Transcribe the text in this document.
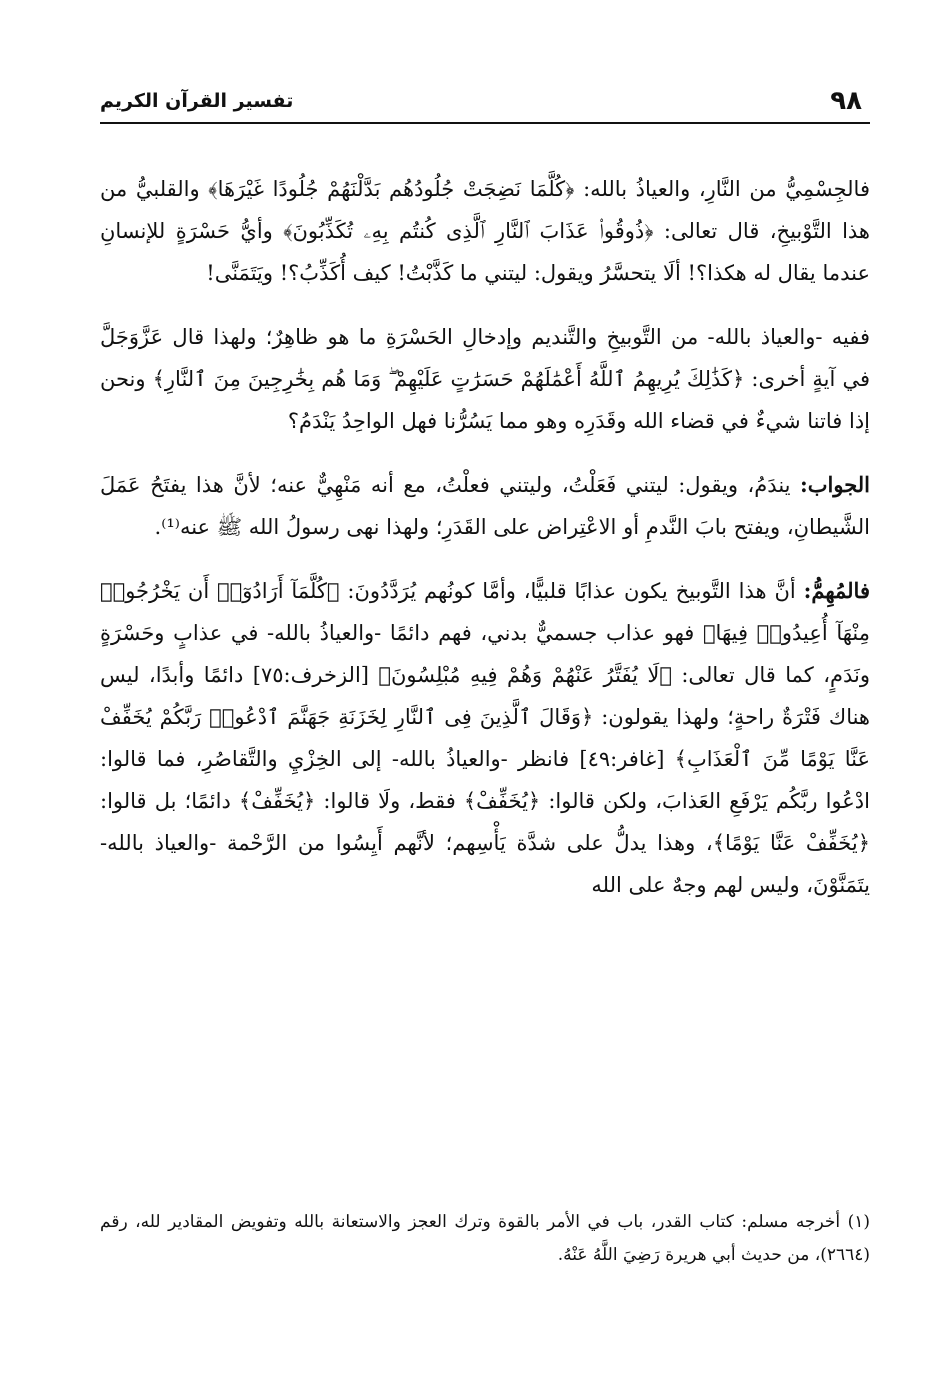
٩٨
تفسير القرآن الكريم

فالجِسْمِيُّ من النَّارِ، والعياذُ بالله: ﴿كُلَّمَا نَضِجَتْ جُلُودُهُم بَدَّلْنَهُمْ جُلُودًا غَيْرَهَا﴾ والقلبيُّ من هذا التَّوْبيخِ، قال تعالى: ﴿ذُوقُوا۟ عَذَابَ ٱلنَّارِ ٱلَّذِى كُنتُم بِهِۦ تُكَذِّبُونَ﴾ وأيُّ حَسْرَةٍ للإنسانِ عندما يقال له هكذا؟! ألَا يتحسَّرُ ويقول: ليتني ما كَذَّبْتُ! كيف أُكَذِّبُ؟! ويَتَمَنَّى!

ففيه -والعياذ بالله- من التَّوبيخِ والتَّنديم وإدخالِ الحَسْرَةِ ما هو ظاهِرٌ؛ ولهذا قال عَزَّوَجَلَّ في آيةٍ أخرى: ﴿كَذَٰلِكَ يُرِيهِمُ ٱللَّهُ أَعْمَٰلَهُمْ حَسَرَٰتٍ عَلَيْهِمْ ۖ وَمَا هُم بِخَٰرِجِينَ مِنَ ٱلنَّارِ﴾ ونحن إذا فاتنا شيءٌ في قضاء الله وقَدَرِه وهو مما يَسُرُّنا فهل الواحِدُ يَنْدَمُ؟

الجواب: يندَمُ، ويقول: ليتني فَعَلْتُ، وليتني فعلْتُ، مع أنه مَنْهِيٌّ عنه؛ لأنَّ هذا يفتَحُ عَمَلَ الشَّيطانِ، ويفتح بابَ النَّدمِ أو الاعْتِراض على القَدَرِ؛ ولهذا نهى رسولُ الله ﷺ عنه⁽¹⁾.

فالمُهِمُّ: أنَّ هذا التَّوبيخ يكون عذابًا قلبيًّا، وأمَّا كونُهم يُرَدَّدُونَ: ﴿كُلَّمَآ أَرَادُوٓا۟ أَن يَخْرُجُوا۟ مِنْهَآ أُعِيدُوا۟ فِيهَا﴾ فهو عذاب جسميٌّ بدني، فهم دائمًا -والعياذُ بالله- في عذابٍ وحَسْرَةٍ ونَدَمٍ، كما قال تعالى: ﴿لَا يُفَتَّرُ عَنْهُمْ وَهُمْ فِيهِ مُبْلِسُونَ﴾ [الزخرف:٧٥] دائمًا وأبدًا، ليس هناك فَتْرَةٌ راحةٍ؛ ولهذا يقولون: ﴿وَقَالَ ٱلَّذِينَ فِى ٱلنَّارِ لِخَزَنَةِ جَهَنَّمَ ٱدْعُوا۟ رَبَّكُمْ يُخَفِّفْ عَنَّا يَوْمًا مِّنَ ٱلْعَذَابِ﴾ [غافر:٤٩] فانظر -والعياذُ بالله- إلى الخِزْيِ والتَّقاصُرِ، فما قالوا: ادْعُوا ربَّكُم يَرْفَعِ العَذابَ، ولكن قالوا: ﴿يُخَفِّفْ﴾ فقط، ولَا قالوا: ﴿يُخَفِّفْ﴾ دائمًا؛ بل قالوا: ﴿يُخَفِّفْ عَنَّا يَوْمًا﴾، وهذا يدلُّ على شدَّة يَأْسِهم؛ لأنَّهم أَيِسُوا من الرَّحْمة -والعياذ بالله- يتَمَنَّوْنَ، وليس لهم وجهٌ على الله

(١) أخرجه مسلم: كتاب القدر، باب في الأمر بالقوة وترك العجز والاستعانة بالله وتفويض المقادير لله، رقم (٢٦٦٤)، من حديث أبي هريرة رَضِيَ اللَّهُ عَنْهُ.
